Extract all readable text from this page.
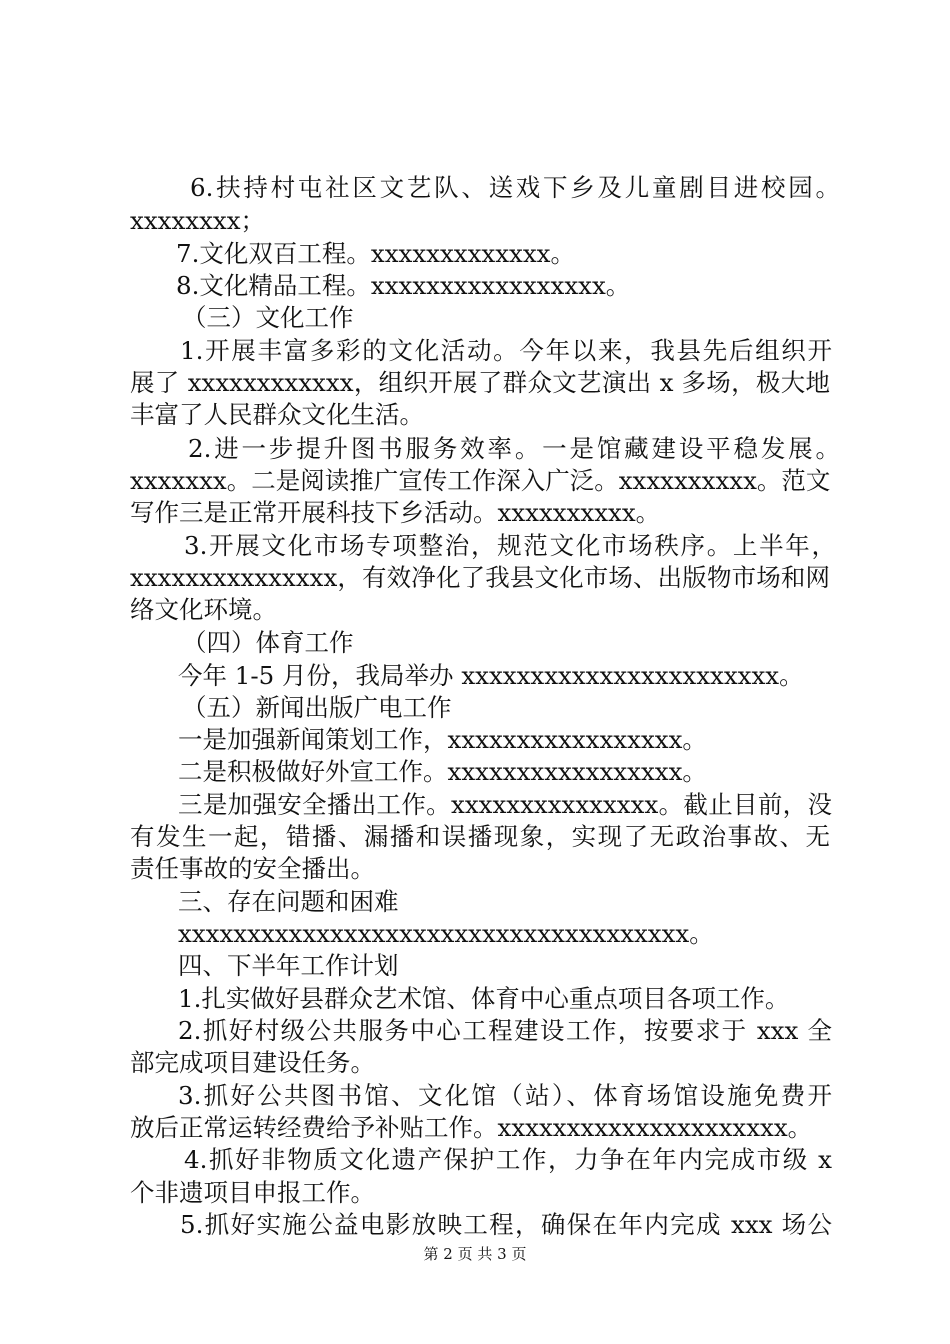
6.扶持村屯社区文艺队、送戏下乡及儿童剧目进校园。
xxxxxxxx；
7.文化双百工程。xxxxxxxxxxxxx。
8.文化精品工程。xxxxxxxxxxxxxxxxx。
（三）文化工作
1.开展丰富多彩的文化活动。今年以来，我县先后组织开
展了 xxxxxxxxxxxx，组织开展了群众文艺演出 x 多场，极大地
丰富了人民群众文化生活。
2.进一步提升图书服务效率。一是馆藏建设平稳发展。
xxxxxxx。二是阅读推广宣传工作深入广泛。xxxxxxxxxx。范文
写作三是正常开展科技下乡活动。xxxxxxxxxx。
3.开展文化市场专项整治，规范文化市场秩序。上半年，
xxxxxxxxxxxxxxx，有效净化了我县文化市场、出版物市场和网
络文化环境。
（四）体育工作
今年 1-5 月份，我局举办 xxxxxxxxxxxxxxxxxxxxxxx。
（五）新闻出版广电工作
一是加强新闻策划工作，xxxxxxxxxxxxxxxxx。
二是积极做好外宣工作。xxxxxxxxxxxxxxxxx。
三是加强安全播出工作。xxxxxxxxxxxxxxx。截止目前，没
有发生一起，错播、漏播和误播现象，实现了无政治事故、无
责任事故的安全播出。
三、存在问题和困难
xxxxxxxxxxxxxxxxxxxxxxxxxxxxxxxxxxxxx。
四、下半年工作计划
1.扎实做好县群众艺术馆、体育中心重点项目各项工作。
2.抓好村级公共服务中心工程建设工作，按要求于 xxx 全
部完成项目建设任务。
3.抓好公共图书馆、文化馆（站）、体育场馆设施免费开
放后正常运转经费给予补贴工作。xxxxxxxxxxxxxxxxxxxxx。
4.抓好非物质文化遗产保护工作，力争在年内完成市级 x
个非遗项目申报工作。
5.抓好实施公益电影放映工程，确保在年内完成 xxx 场公
第 2 页 共 3 页
